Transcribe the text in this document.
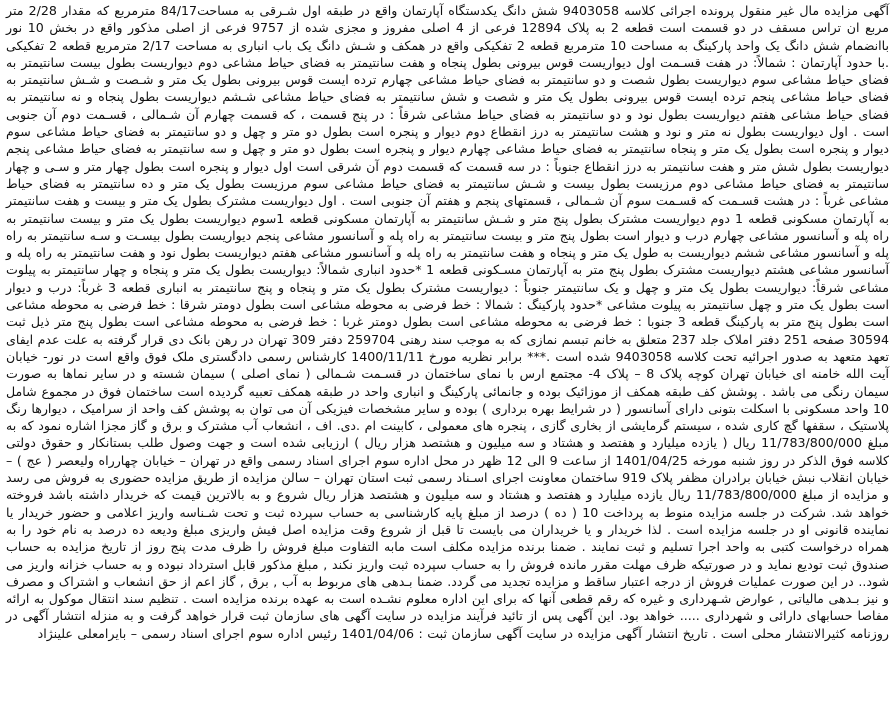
آگهی مزایده مال غیر منقول پرونده اجرائی کلاسه 9403058 شش دانگ یکدستگاه آپارتمان واقع در طبقه اول شـرقی به مساحت84/17 مترمربع که مقدار 2/28 متر مربع ان تراس مسقف در دو قسمت است قطعه 2 به پلاک 12894 فرعی از 4 اصلی مفروز و مجزی شده از 9757 فرعی از اصلی مذکور واقع در بخش 10 نور باانضمام شش دانگ یک واحد پارکینگ به مساحت 10 مترمربع قطعه 2 تفکیکی واقع در همکف و شـش دانگ یک باب انباری به مساحت 2/17 مترمربع قطعه 2 تفکیکی .با حدود آپارتمان : شمالاً: در هفت قسـمت اول دیواریست قوس بیرونی بطول پنجاه و هفت سانتیمتر به فضای حیاط مشاعی دوم دیواریست بطول بیست سانتیمتر به فضای حیاط مشاعی سوم دیواریست بطول شصت و دو سانتیمتر به فضای حیاط مشاعی چهارم ترده ایست قوس بیرونی بطول یک متر و شـصت و شـش سانتیمتر به فضای حیاط مشاعی پنجم ترده ایست قوس بیرونی بطول یک متر و شصت و شش سانتیمتر به فضای حیاط مشاعی شـشم دیواریست بطول پنجاه و نه سانتیمتر به فضای حیاط مشاعی هفتم دیواریست بطول نود و دو سانتیمتر به فضای حیاط مشاعی شرقاً : در پنج قسمت ، که قسمت چهارم آن شـمالی ، قسـمت دوم آن جنوبی است . اول دیواریست بطول نه متر و نود و هشت سانتیمتر به درز انقطاع دوم دیوار و پنجره است بطول دو متر و چهل و دو سانتیمتر به فضای حیاط مشاعی سوم دیوار و پنجره است بطول یک متر و پنجاه سانتیمتر به فضای حیاط مشاعی چهارم دیوار و پنجره است بطول دو متر و چهل و سه سانتیمتر به فضای حیاط مشاعی پنجم دیواریست بطول شش متر و هفت سانتیمتر به درز انقطاع جنوباً : در سه قسمت که قسمت دوم آن شرقی است اول دیوار و پنجره است بطول چهار متر و سـی و چهار سانتیمتر به فضای حیاط مشاعی دوم مرزیست بطول بیست و شـش سانتیمتر به فضای حیاط مشاعی سوم مرزیست بطول یک متر و ده سانتیمتر به فضای حیاط مشاعی غرباً : در هشت قسـمت که قسـمت سوم آن شـمالی ، قسمتهای پنجم و هفتم آن جنوبی است . اول دیواریست مشترک بطول یک متر و بیست و هفت سانتیمتر به آپارتمان مسکونی قطعه 1 دوم دیواریست مشترک بطول پنج متر و شـش سانتیمتر به آپارتمان مسکونی قطعه 1سوم دیواریست بطول یک متر و بیست سانتیمتر به راه پله و آسانسور مشاعی چهارم درب و دیوار است بطول پنج متر و بیست سانتیمتر به راه پله و آسانسور مشاعی پنجم دیواریست بطول بیسـت و سـه سانتیمتر به راه پله و آسانسور مشاعی ششم دیواریست به طول یک متر و پنجاه و هفت سانتیمتر به راه پله و آسانسور مشاعی هفتم دیواریست بطول نود و هفت سانتیمتر به راه پله و آسانسور مشاعی هشتم دیواریست مشترک بطول پنج متر به آپارتمان مسـکونی قطعه 1 *حدود انباری شمالاً: دیواریست بطول یک متر و پنجاه و چهار سانتیمتر به پیلوت مشاعی شرقاً: دیواریست بطول یک متر و چهل و یک سانتیمتر جنوباً : دیواریست مشترک بطول یک متر و پنجاه و پنج سانتیمتر به انباری قطعه 3 غرباً: درب و دیوار است بطول یک متر و چهل سانتیمتر به پیلوت مشاعی *حدود پارکینگ : شمالا : خط فرضی به محوطه مشاعی است بطول دومتر شرقا : خط فرضی به محوطه مشاعی است بطول پنج متر به پارکینگ قطعه 3 جنوبا : خط فرضی به محوطه مشاعی است بطول دومتر غربا : خط فرضی به محوطه مشاعی است بطول پنج متر ذیل ثبت 30594 صفحه 251 دفتر املاک جلد 237 متعلق به خانم تبسم نمازی که به موجب سند رهنی 259704 دفتر 309 تهران در رهن بانک دی قرار گرفته به علت عدم ایفای تعهد متعهد به صدور اجرائیه تحت کلاسه 9403058 شده است .*** برابر نظریه مورخ 1400/11/11 کارشناس رسمی دادگستری ملک فوق واقع است در نور- خیابان آیت الله خامنه ای خیابان تهران کوچه پلاک 8 – پلاک 4- مجتمع ارس با نمای ساختمان در قسـمت شـمالی ( نمای اصلی ) سیمان شسته و در سایر نماها به صورت سیمان رنگی می باشد . پوشش کف طبقه همکف از موزائیک بوده و جانمائی پارکینگ و انباری واحد در طبقه همکف تعبیه گردیده است ساختمان فوق در مجموع شامل 10 واحد مسکونی با اسکلت بتونی دارای آسانسور ( در شرایط بهره برداری ) بوده و سایر مشخصات فیزیکی آن می توان به پوشش کف واحد از سرامیک ، دیوارها رنگ پلاستیک ، سقفها گچ کاری شده ، سیستم گرمایشی از بخاری گازی ، پنجره های معمولی ، کابینت ام .دی. اف ، انشعاب آب مشترک و برق و گاز مجزا اشاره نمود که به مبلغ 11/783/800/000 ریال ( یازده میلیارد و هفتصد و هشتاد و سه میلیون و هشتصد هزار ریال ) ارزیابی شده است و جهت وصول طلب بستانکار و حقوق دولتی کلاسه فوق الذکر در روز شنبه مورخه 1401/04/25 از ساعت 9 الی 12 ظهر در محل اداره سوم اجرای اسناد رسمی واقع در تهران – خیابان چهارراه ولیعصر ( عج ) – خیابان انقلاب نبش خیابان برادران مظفر پلاک 919 ساختمان معاونت اجرای اسـناد رسمی ثبت استان تهران – سالن مزایده از طریق مزایده حضوری به فروش می رسد و مزایده از مبلغ 11/783/800/000 ریال یازده میلیارد و هفتصد و هشتاد و سه میلیون و هشتصد هزار ریال شروع و به بالاترین قیمت که خریدار داشته باشد فروخته خواهد شد. شرکت در جلسه مزایده منوط به پرداخت 10 ( ده ) درصد از مبلغ پایه کارشناسی به حساب سپرده ثبت و تحت شـناسه واریز اعلامی و حضور خریدار یا نماینده قانونی او در جلسه مزایده است . لذا خریدار و یا خریداران می بایست تا قبل از شروع وقت مزایده اصل فیش واریزی مبلغ ودیعه ده درصد به نام خود را به همراه درخواست کتبی به واحد اجرا تسلیم و ثبت نمایند . ضمنا برنده مزایده مکلف است مابه التفاوت مبلغ فروش را ظرف مدت پنج روز از تاریخ مزایده به حساب صندوق ثبت تودیع نماید و در صورتیکه ظرف مهلت مقرر مانده فروش را به حساب سپرده ثبت واریز نکند , مبلغ مذکور قابل استرداد نبوده و به حساب خزانه واریز می شود.. در این صورت عملیات فروش از درجه اعتبار ساقط و مزایده تجدید می گردد. ضمنا بـدهی های مربوط به آب , برق , گاز اعم از حق انشعاب و اشتراک و مصرف و نیز بـدهی مالیاتی , عوارض شـهرداری و غیره که رقم قطعی آنها که برای این اداره معلوم نشـده است به عهده برنده مزایده است . تنظیم سند انتقال موکول به ارائه مفاصا حسابهای دارائی و شهرداری ..... خواهد بود. این آگهی پس از تائید فرآیند مزایده در سایت آگهی های سازمان ثبت قرار خواهد گرفت و به منزله انتشار آگهی در روزنامه کثیرالانتشار محلی است . تاریخ انتشار آگهی مزایده در سایت آگهی سازمان ثبت : 1401/04/06 رئیس اداره سوم اجرای اسناد رسمی – بایرامعلی علینژاد
